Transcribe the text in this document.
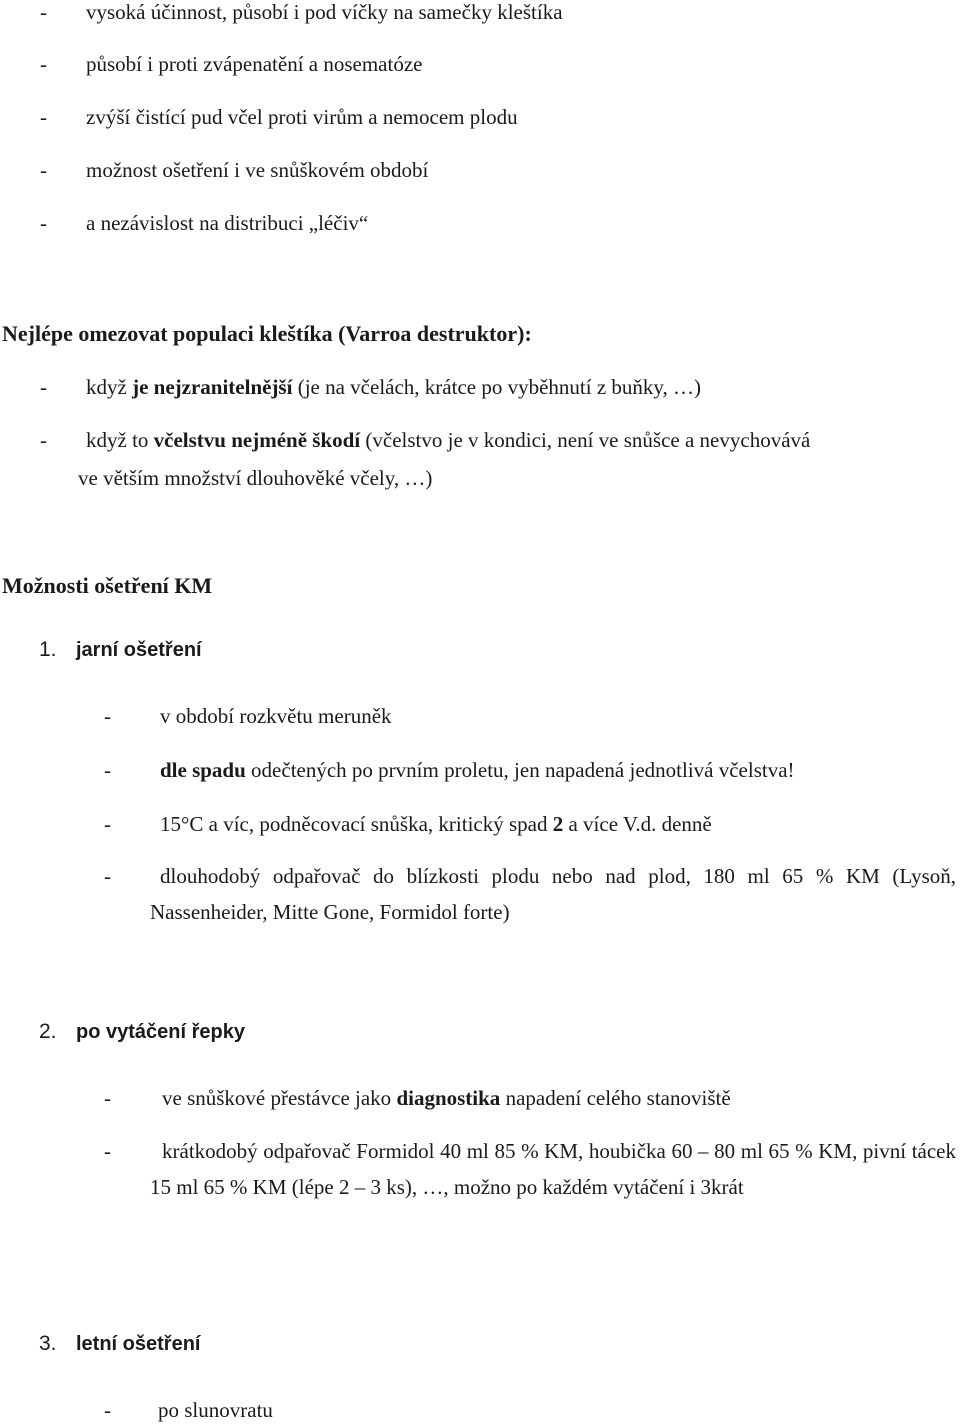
- vysoká účinnost, působí i pod víčky na samečky kleštíka
- působí i proti zvápenatění a nosematóze
- zvýší čistící pud včel proti virům a nemocem plodu
- možnost ošetření i ve snůškovém období
- a nezávislost na distribuci „léčiv“
Nejlépe omezovat populaci kleštíka (Varroa destruktor):
- když je nejzranitelnější (je na včelách, krátce po vyběhnutí z buňky, …)
- když to včelstvu nejméně škodí (včelstvo je v kondici, není ve snůšce a nevychovává
ve větším množství dlouhověké včely, …)
Možnosti ošetření KM
1. jarní ošetření
- v období rozkvětu meruněk
- dle spadu odečtených po prvním proletu, jen napadená jednotlivá včelstva!
- 15°C a víc, podněcovací snůška, kritický spad 2 a více V.d. denně
-	dlouhodobý odpařovač do blízkosti plodu nebo nad plod, 180 ml 65 % KM (Lysoň, Nassenheider, Mitte Gone, Formidol forte)
2. po vytáčení řepky
- ve snůškové přestávce jako diagnostika napadení celého stanoviště
-	krátkodobý odpařovač Formidol 40 ml 85 % KM, houbička 60 – 80 ml 65 % KM, pivní tácek 15 ml 65 % KM (lépe 2 – 3 ks), …, možno po každém vytáčení i 3krát
3. letní ošetření
- po slunovratu
